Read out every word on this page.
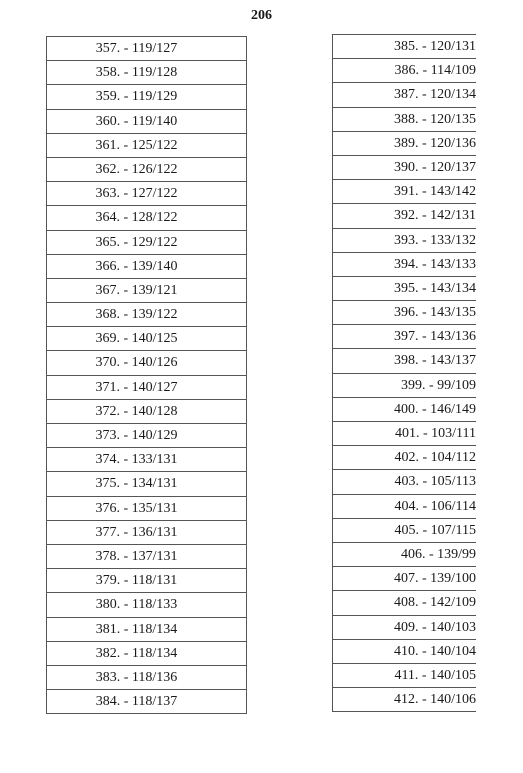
206
357. - 119/127
358. - 119/128
359. - 119/129
360. - 119/140
361. - 125/122
362. - 126/122
363. - 127/122
364. - 128/122
365. - 129/122
366. - 139/140
367. - 139/121
368. - 139/122
369. - 140/125
370. - 140/126
371. - 140/127
372. - 140/128
373. - 140/129
374. - 133/131
375. - 134/131
376. - 135/131
377. - 136/131
378. - 137/131
379. - 118/131
380. - 118/133
381. - 118/134
382. - 118/134
383. - 118/136
384. - 118/137
385. - 120/131
386. - 114/109
387. - 120/134
388. - 120/135
389. - 120/136
390. - 120/137
391. - 143/142
392. - 142/131
393. - 133/132
394. - 143/133
395. - 143/134
396. - 143/135
397. - 143/136
398. - 143/137
399. - 99/109
400. - 146/149
401. - 103/111
402. - 104/112
403. - 105/113
404. - 106/114
405. - 107/115
406. - 139/99
407. - 139/100
408. - 142/109
409. - 140/103
410. - 140/104
411. - 140/105
412. - 140/106
